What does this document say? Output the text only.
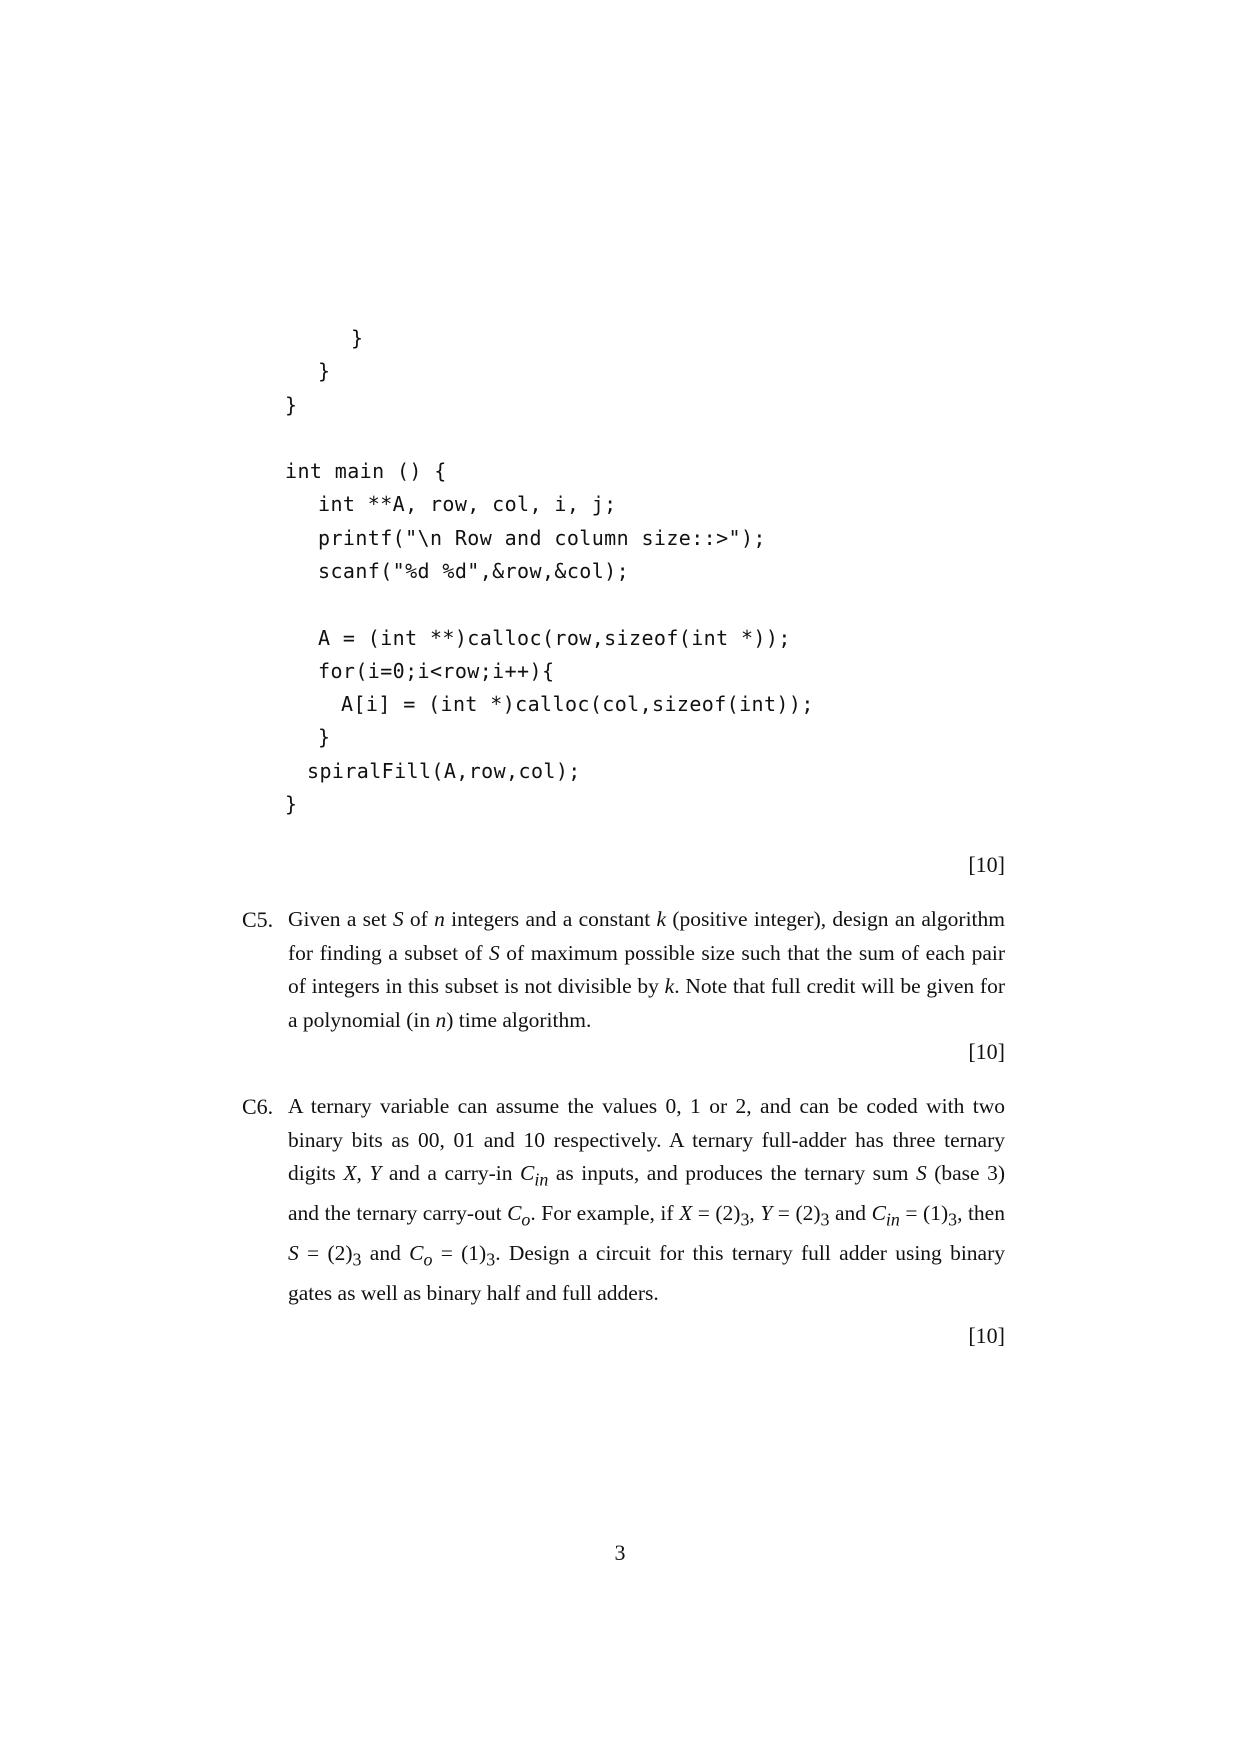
}
}
}
int main () {
int **A, row, col, i, j;
printf("\n Row and column size::>");
scanf("%d %d",&row,&col);
A = (int **)calloc(row,sizeof(int *));
for(i=0;i<row;i++){
A[i] = (int *)calloc(col,sizeof(int));
}
spiralFill(A,row,col);
}
[10]
C5. Given a set S of n integers and a constant k (positive integer), design an algorithm for finding a subset of S of maximum possible size such that the sum of each pair of integers in this subset is not divisible by k. Note that full credit will be given for a polynomial (in n) time algorithm.
[10]
C6. A ternary variable can assume the values 0, 1 or 2, and can be coded with two binary bits as 00, 01 and 10 respectively. A ternary full-adder has three ternary digits X, Y and a carry-in $C_{in}$ as inputs, and produces the ternary sum S (base 3) and the ternary carry-out $C_o$. For example, if $X = (2)_3$, $Y = (2)_3$ and $C_{in} = (1)_3$, then $S = (2)_3$ and $C_o = (1)_3$. Design a circuit for this ternary full adder using binary gates as well as binary half and full adders.
[10]
3
